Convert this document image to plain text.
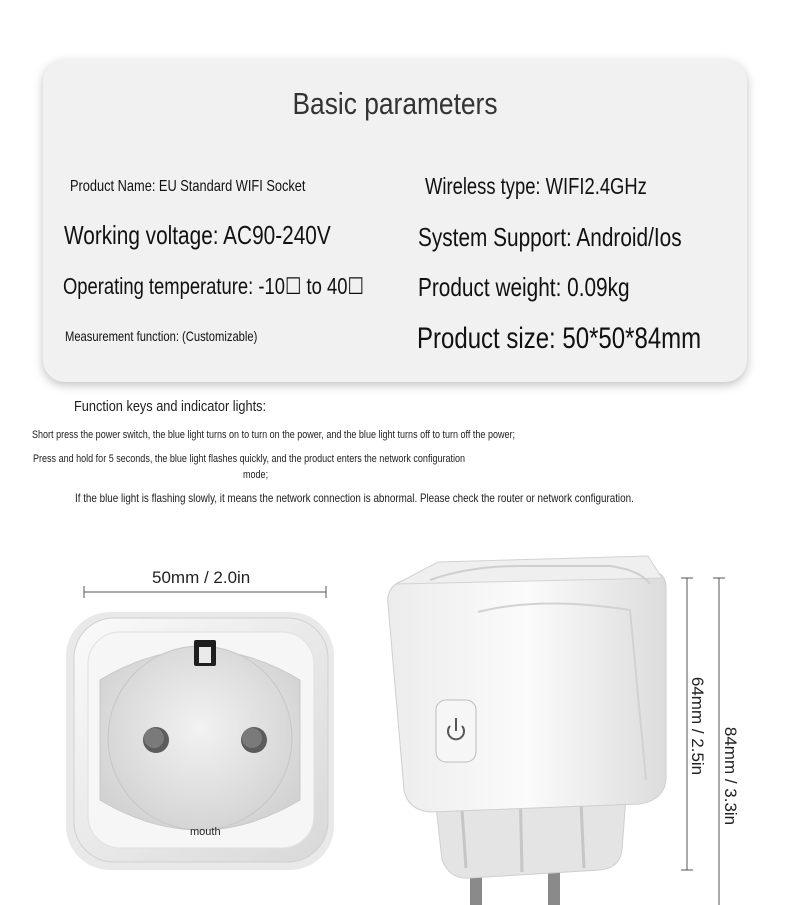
Basic parameters
Product Name: EU Standard WIFI Socket	Wireless type: WIFI2.4GHz
Working voltage: AC90-240V	System Support: Android/Ios
Operating temperature: -10☐ to 40☐ Product weight: 0.09kg
Measurement function: (Customizable)	Product size: 50*50*84mm
Function keys and indicator lights:
Short press the power switch, the blue light turns on to turn on the power, and the blue light turns off to turn off the power;
Press and hold for 5 seconds, the blue light flashes quickly, and the product enters the network configuration
mode;
If the blue light is flashing slowly, it means the network connection is abnormal. Please check the router or network configuration.
50mm / 2.0in
mouth
64mm / 2.5in
84mm / 3.3in
